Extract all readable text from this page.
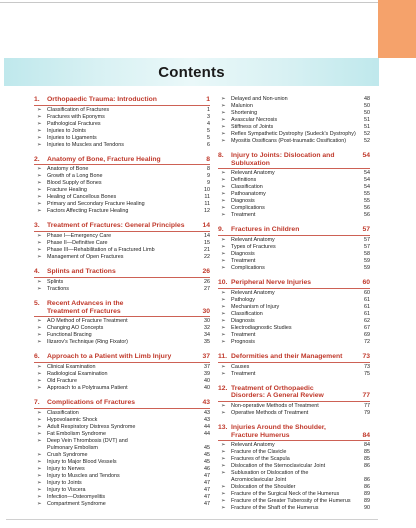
Contents
1.	Orthopaedic Trauma: Introduction	1
➢	Classification of Fractures	1
➢	Fractures with Eponyms	3
➢	Pathological Fractures	4
➢	Injuries to Joints	5
➢	Injuries to Ligaments	5
➢	Injuries to Muscles and Tendons	6
2.	Anatomy of Bone, Fracture Healing	8
➢	Anatomy of Bone	8
➢	Growth of a Long Bone	9
➢	Blood Supply of Bones	9
➢	Fracture Healing	10
➢	Healing of Cancellous Bones	11
➢	Primary and Secondary Fracture Healing	11
➢	Factors Affecting Fracture Healing	12
3.	Treatment of Fractures: General Principles	14
➢	Phase I—Emergency Care	14
➢	Phase II—Definitive Care	15
➢	Phase III—Rehabilitation of a Fractured Limb	21
➢	Management of Open Fractures	22
4.	Splints and Tractions	26
➢	Splints	26
➢	Tractions	27
5.	Recent Advances in the
Treatment of Fractures	30
➢	AO Method of Fracture Treatment	30
➢	Changing AO Concepts	32
➢	Functional Bracing	34
➢	Ilizarov's Technique (Ring Fixator)	35
6.	Approach to a Patient with Limb Injury	37
➢	Clinical Examination	37
➢	Radiological Examination	39
➢	Old Fracture	40
➢	Approach to a Polytrauma Patient	40
7.	Complications of Fractures	43
➢	Classification	43
➢	Hypovolaemic Shock	43
➢	Adult Respiratory Distress Syndrome	44
➢	Fat Embolism Syndrome	44
➢	Deep Vein Thrombosis (DVT) and
Pulmonary Embolism	45
➢	Crush Syndrome	45
➢	Injury to Major Blood Vessels	45
➢	Injury to Nerves	46
➢	Injury to Muscles and Tendons	47
➢	Injury to Joints	47
➢	Injury to Viscera	47
➢	Infection—Osteomyelitis	47
➢	Compartment Syndrome	47
➢	Delayed and Non-union	48
➢	Malunion	50
➢	Shortening	50
➢	Avascular Necrosis	51
➢	Stiffness of Joints	51
➢	Reflex Sympathetic Dystrophy (Sudeck's Dystrophy)	52
➢	Myositis Ossificans (Post-traumatic Ossification)	52
8.	Injury to Joints: Dislocation and Subluxation
54
➢	Relevant Anatomy	54
➢	Definitions	54
➢	Classification	54
➢	Pathoanatomy	55
➢	Diagnosis	55
➢	Complications	56
➢	Treatment	56
9.	Fractures in Children	57
➢	Relevant Anatomy	57
➢	Types of Fractures	57
➢	Diagnosis	58
➢	Treatment	59
➢	Complications	59
10. Peripheral Nerve Injuries	60
➢	Relevant Anatomy	60
➢	Pathology	61
➢	Mechanism of Injury	61
➢	Classification	61
➢	Diagnosis	62
➢	Electrodiagnostic Studies	67
➢	Treatment	69
➢	Prognosis	72
11. Deformities and their Management	73
➢	Causes	73
➢	Treatment	75
12. Treatment of Orthopaedic
Disorders: A General Review	77
➢	Non-operative Methods of Treatment	77
➢	Operative Methods of Treatment	79
13. Injuries Around the Shoulder,
Fracture Humerus	84
➢	Relevant Anatomy	84
➢	Fracture of the Clavicle	85
➢	Fractures of the Scapula	85
➢	Dislocation of the Sternoclavicular Joint	86
➢	Subluxation or Dislocation of the
Acromioclavicular Joint	86
➢	Dislocation of the Shoulder	86
➢	Fracture of the Surgical Neck of the Humerus	89
➢	Fracture of the Greater Tuberosity of the Humerus	89
➢	Fracture of the Shaft of the Humerus	90
